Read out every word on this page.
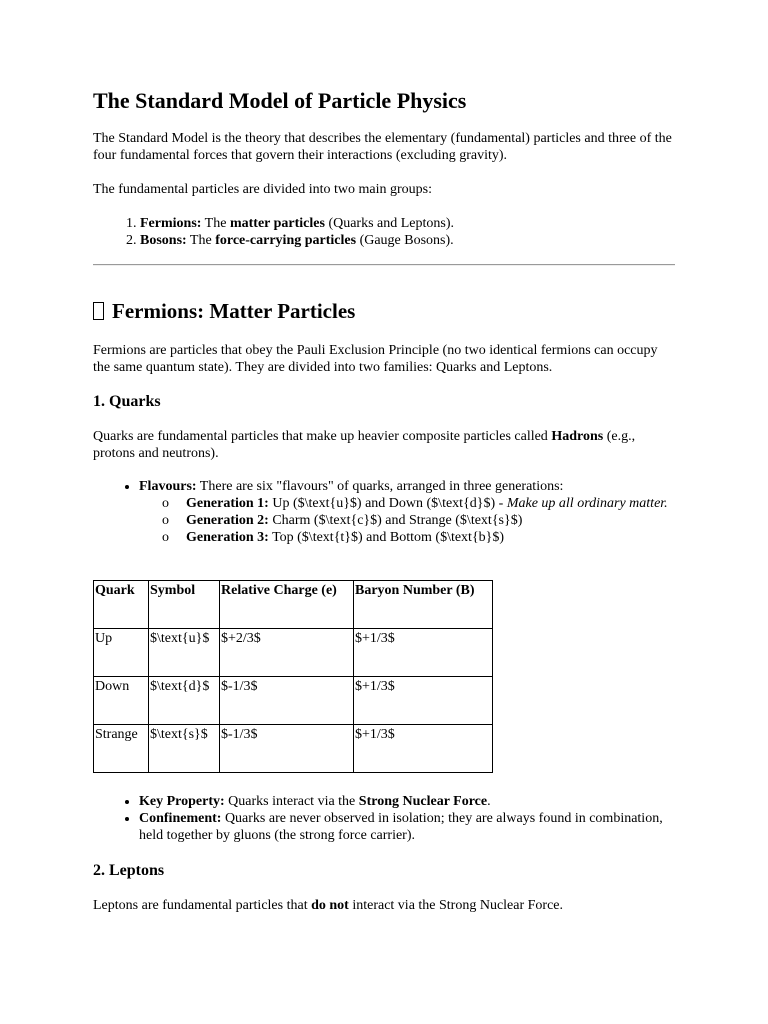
The Standard Model of Particle Physics

The Standard Model is the theory that describes the elementary (fundamental) particles and three of the four fundamental forces that govern their interactions (excluding gravity).

The fundamental particles are divided into two main groups:

1. Fermions: The matter particles (Quarks and Leptons).
2. Bosons: The force-carrying particles (Gauge Bosons).
Fermions: Matter Particles

Fermions are particles that obey the Pauli Exclusion Principle (no two identical fermions can occupy the same quantum state). They are divided into two families: Quarks and Leptons.

1. Quarks

Quarks are fundamental particles that make up heavier composite particles called Hadrons (e.g., protons and neutrons).

• Flavours: There are six "flavours" of quarks, arranged in three generations:
o Generation 1: Up ($\text{u}$) and Down ($\text{d}$) - Make up all ordinary matter.
o Generation 2: Charm ($\text{c}$) and Strange ($\text{s}$)
o Generation 3: Top ($\text{t}$) and Bottom ($\text{b}$)
Quark	Symbol	Relative Charge (e)	Baryon Number (B)
Up	$\text{u}$	$+2/3$	$+1/3$
Down	$\text{d}$	$-1/3$	$+1/3$
Strange	$\text{s}$	$-1/3$	$+1/3$
• Key Property: Quarks interact via the Strong Nuclear Force.
• Confinement: Quarks are never observed in isolation; they are always found in combination, held together by gluons (the strong force carrier).
2. Leptons

Leptons are fundamental particles that do not interact via the Strong Nuclear Force.
